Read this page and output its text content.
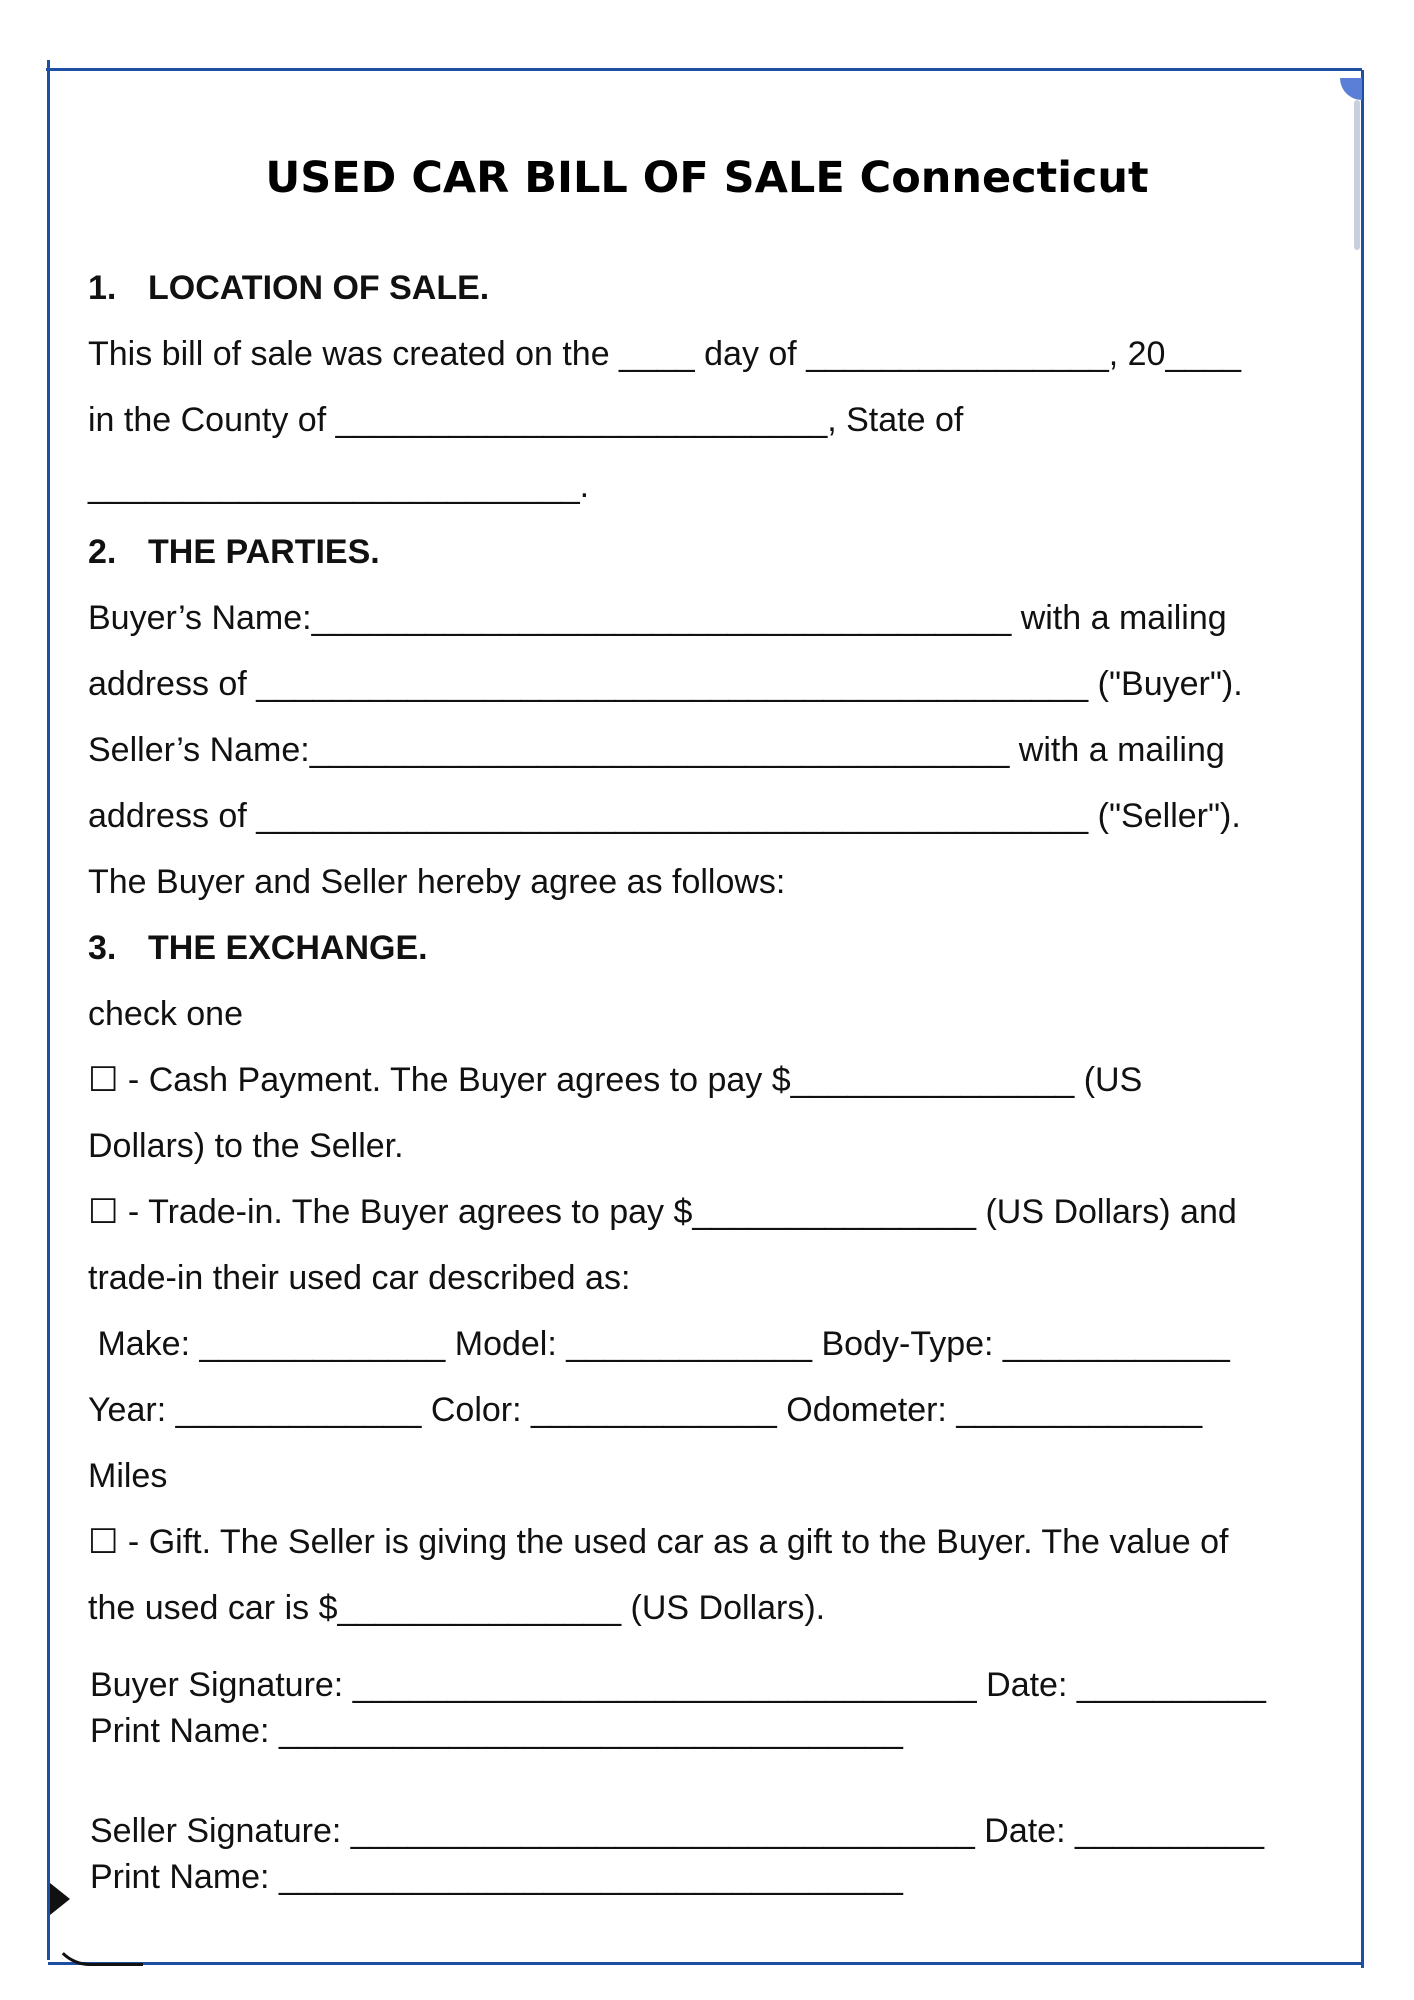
USED CAR BILL OF SALE Connecticut
1. LOCATION OF SALE.
This bill of sale was created on the ____ day of ________________, 20____
in the County of __________________________, State of
__________________________.
2. THE PARTIES.
Buyer’s Name:_____________________________________ with a mailing
address of ____________________________________________ ("Buyer").
Seller’s Name:_____________________________________ with a mailing
address of ____________________________________________ ("Seller").
The Buyer and Seller hereby agree as follows:
3. THE EXCHANGE.
check one
☐ - Cash Payment. The Buyer agrees to pay $_______________ (US
Dollars) to the Seller.
☐ - Trade-in. The Buyer agrees to pay $_______________ (US Dollars) and
trade-in their used car described as:
Make: _____________ Model: _____________ Body-Type: ____________
Year: _____________ Color: _____________ Odometer: _____________
Miles
☐ - Gift. The Seller is giving the used car as a gift to the Buyer. The value of
the used car is $_______________ (US Dollars).
Buyer Signature: _________________________________ Date: __________
Print Name: _________________________________
Seller Signature: _________________________________ Date: __________
Print Name: _________________________________
